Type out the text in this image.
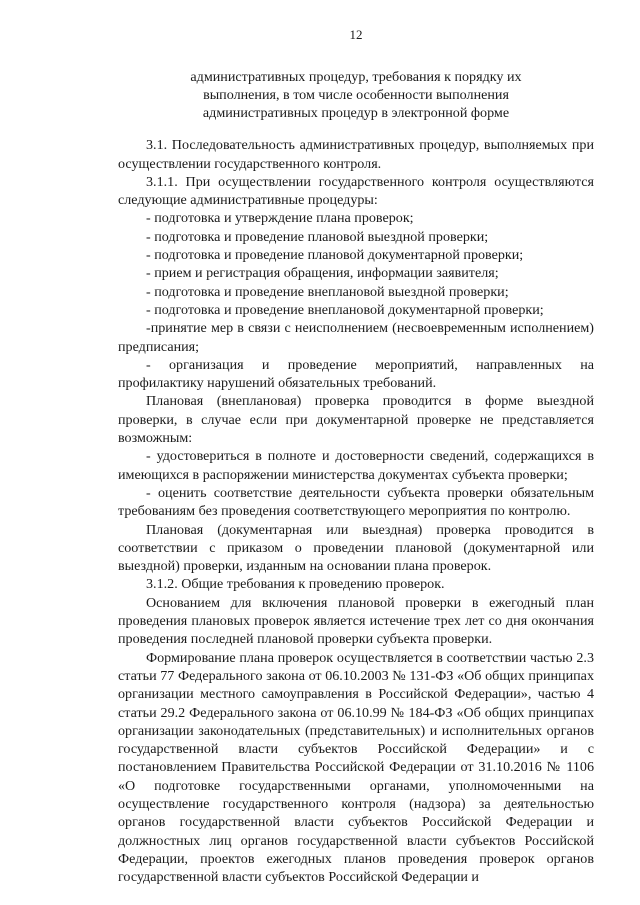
12
административных процедур, требования к порядку их
выполнения, в том числе особенности выполнения
административных процедур в электронной форме

3.1. Последовательность административных процедур, выполняемых при осуществлении государственного контроля.

3.1.1. При осуществлении государственного контроля осуществляются следующие административные процедуры:

- подготовка и утверждение плана проверок;

- подготовка и проведение плановой выездной проверки;

- подготовка и проведение плановой документарной проверки;

- прием и регистрация обращения, информации заявителя;

- подготовка и проведение внеплановой выездной проверки;

- подготовка и проведение внеплановой документарной проверки;

-принятие мер в связи с неисполнением (несвоевременным исполнением) предписания;

- организация и проведение мероприятий, направленных на профилактику нарушений обязательных требований.

Плановая (внеплановая) проверка проводится в форме выездной проверки, в случае если при документарной проверке не представляется возможным:

- удостовериться в полноте и достоверности сведений, содержащихся в имеющихся в распоряжении министерства документах субъекта проверки;

- оценить соответствие деятельности субъекта проверки обязательным требованиям без проведения соответствующего мероприятия по контролю.

Плановая (документарная или выездная) проверка проводится в соответствии с приказом о проведении плановой (документарной или выездной) проверки, изданным на основании плана проверок.

3.1.2. Общие требования к проведению проверок.

Основанием для включения плановой проверки в ежегодный план проведения плановых проверок является истечение трех лет со дня окончания проведения последней плановой проверки субъекта проверки.

Формирование плана проверок осуществляется в соответствии частью 2.3 статьи 77 Федерального закона от 06.10.2003 № 131-ФЗ «Об общих принципах организации местного самоуправления в Российской Федерации», частью 4 статьи 29.2 Федерального закона от 06.10.99 № 184-ФЗ «Об общих принципах организации законодательных (представительных) и исполнительных органов государственной власти субъектов Российской Федерации» и с постановлением Правительства Российской Федерации от 31.10.2016 № 1106 «О подготовке государственными органами, уполномоченными на осуществление государственного контроля (надзора) за деятельностью органов государственной власти субъектов Российской Федерации и должностных лиц органов государственной власти субъектов Российской Федерации, проектов ежегодных планов проведения проверок органов государственной власти субъектов Российской Федерации и
